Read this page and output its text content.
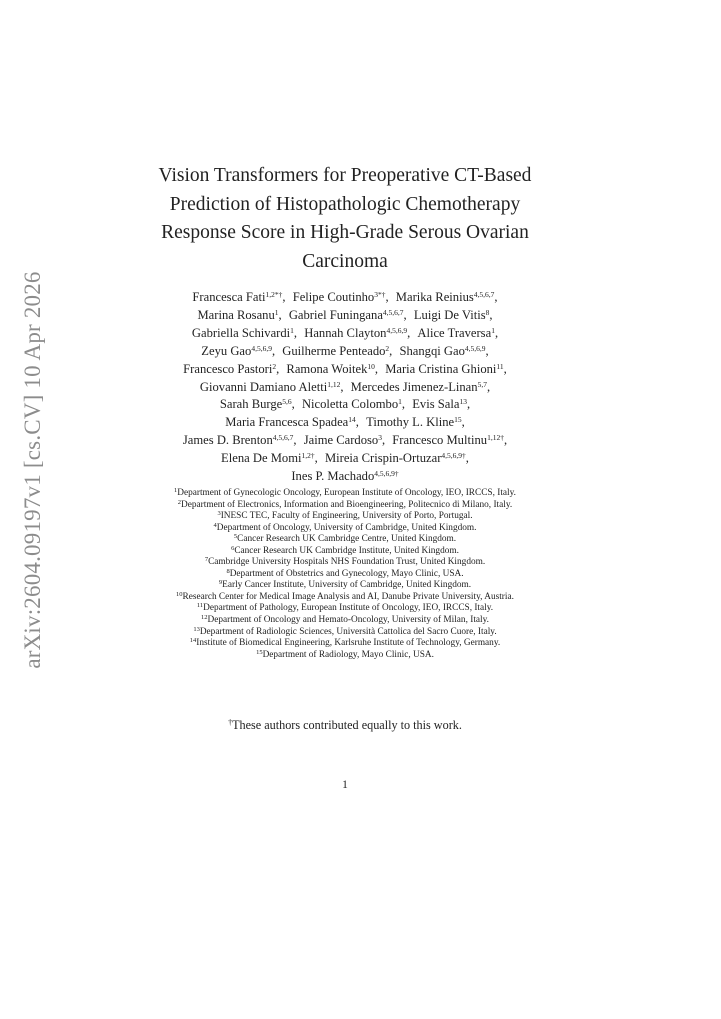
arXiv:2604.09197v1 [cs.CV] 10 Apr 2026
Vision Transformers for Preoperative CT-Based
Prediction of Histopathologic Chemotherapy
Response Score in High-Grade Serous Ovarian
Carcinoma
Francesca Fati$^{1,2*\dagger}$, Felipe Coutinho$^{3*\dagger}$, Marika Reinius$^{4,5,6,7}$,
Marina Rosanu$^1$, Gabriel Funingana$^{4,5,6,7}$, Luigi De Vitis$^8$,
Gabriella Schivardi$^1$, Hannah Clayton$^{4,5,6,9}$, Alice Traversa$^1$,
Zeyu Gao$^{4,5,6,9}$, Guilherme Penteado$^2$, Shangqi Gao$^{4,5,6,9}$,
Francesco Pastori$^2$, Ramona Woitek$^{10}$, Maria Cristina Ghioni$^{11}$,
Giovanni Damiano Aletti$^{1,12}$, Mercedes Jimenez-Linan$^{5,7}$,
Sarah Burge$^{5,6}$, Nicoletta Colombo$^1$, Evis Sala$^{13}$,
Maria Francesca Spadea$^{14}$, Timothy L. Kline$^{15}$,
James D. Brenton$^{4,5,6,7}$, Jaime Cardoso$^3$, Francesco Multinu$^{1,12\dagger}$,
Elena De Momi$^{1,2\dagger}$, Mireia Crispin-Ortuzar$^{4,5,6,9\dagger}$,
Ines P. Machado$^{4,5,6,9\dagger}$
$^1$Department of Gynecologic Oncology, European Institute of Oncology, IEO, IRCCS, Italy.
$^2$Department of Electronics, Information and Bioengineering, Politecnico di Milano, Italy.
$^3$INESC TEC, Faculty of Engineering, University of Porto, Portugal.
$^4$Department of Oncology, University of Cambridge, United Kingdom.
$^5$Cancer Research UK Cambridge Centre, United Kingdom.
$^6$Cancer Research UK Cambridge Institute, United Kingdom.
$^7$Cambridge University Hospitals NHS Foundation Trust, United Kingdom.
$^8$Department of Obstetrics and Gynecology, Mayo Clinic, USA.
$^9$Early Cancer Institute, University of Cambridge, United Kingdom.
$^{10}$Research Center for Medical Image Analysis and AI, Danube Private University, Austria.
$^{11}$Department of Pathology, European Institute of Oncology, IEO, IRCCS, Italy.
$^{12}$Department of Oncology and Hemato-Oncology, University of Milan, Italy.
$^{13}$Department of Radiologic Sciences, Università Cattolica del Sacro Cuore, Italy.
$^{14}$Institute of Biomedical Engineering, Karlsruhe Institute of Technology, Germany.
$^{15}$Department of Radiology, Mayo Clinic, USA.
†These authors contributed equally to this work.
1
